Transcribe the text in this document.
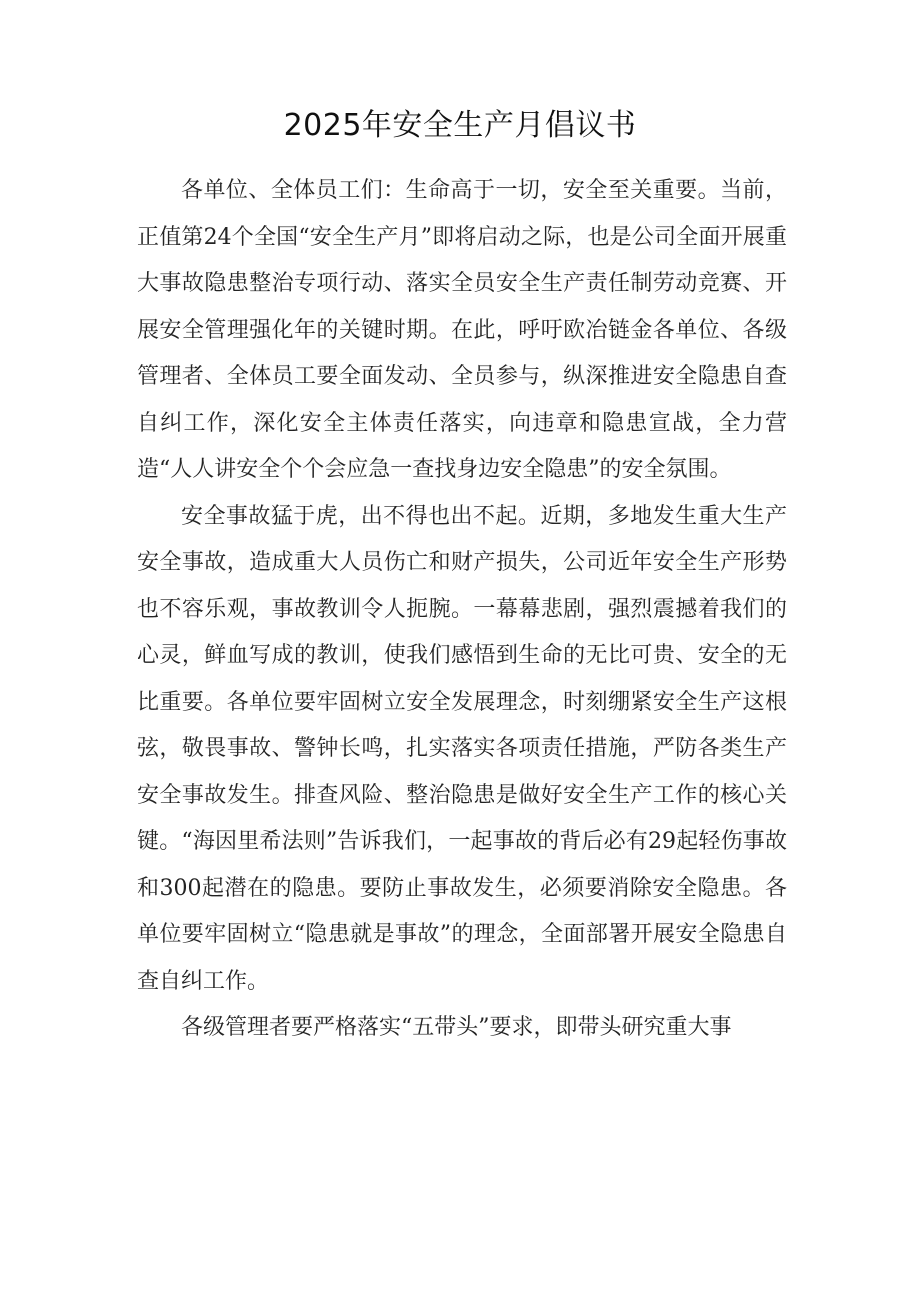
2025年安全生产月倡议书

各单位、全体员工们：生命高于一切，安全至关重要。当前，正值第24个全国“安全生产月”即将启动之际，也是公司全面开展重大事故隐患整治专项行动、落实全员安全生产责任制劳动竞赛、开展安全管理强化年的关键时期。在此，呼吁欧冶链金各单位、各级管理者、全体员工要全面发动、全员参与，纵深推进安全隐患自查自纠工作，深化安全主体责任落实，向违章和隐患宣战，全力营造“人人讲安全个个会应急一查找身边安全隐患”的安全氛围。

安全事故猛于虎，出不得也出不起。近期，多地发生重大生产安全事故，造成重大人员伤亡和财产损失，公司近年安全生产形势也不容乐观，事故教训令人扼腕。一幕幕悲剧，强烈震撼着我们的心灵，鲜血写成的教训，使我们感悟到生命的无比可贵、安全的无比重要。各单位要牢固树立安全发展理念，时刻绷紧安全生产这根弦，敬畏事故、警钟长鸣，扎实落实各项责任措施，严防各类生产安全事故发生。排查风险、整治隐患是做好安全生产工作的核心关键。“海因里希法则”告诉我们，一起事故的背后必有29起轻伤事故和300起潜在的隐患。要防止事故发生，必须要消除安全隐患。各单位要牢固树立“隐患就是事故”的理念，全面部署开展安全隐患自查自纠工作。

各级管理者要严格落实“五带头”要求，即带头研究重大事
